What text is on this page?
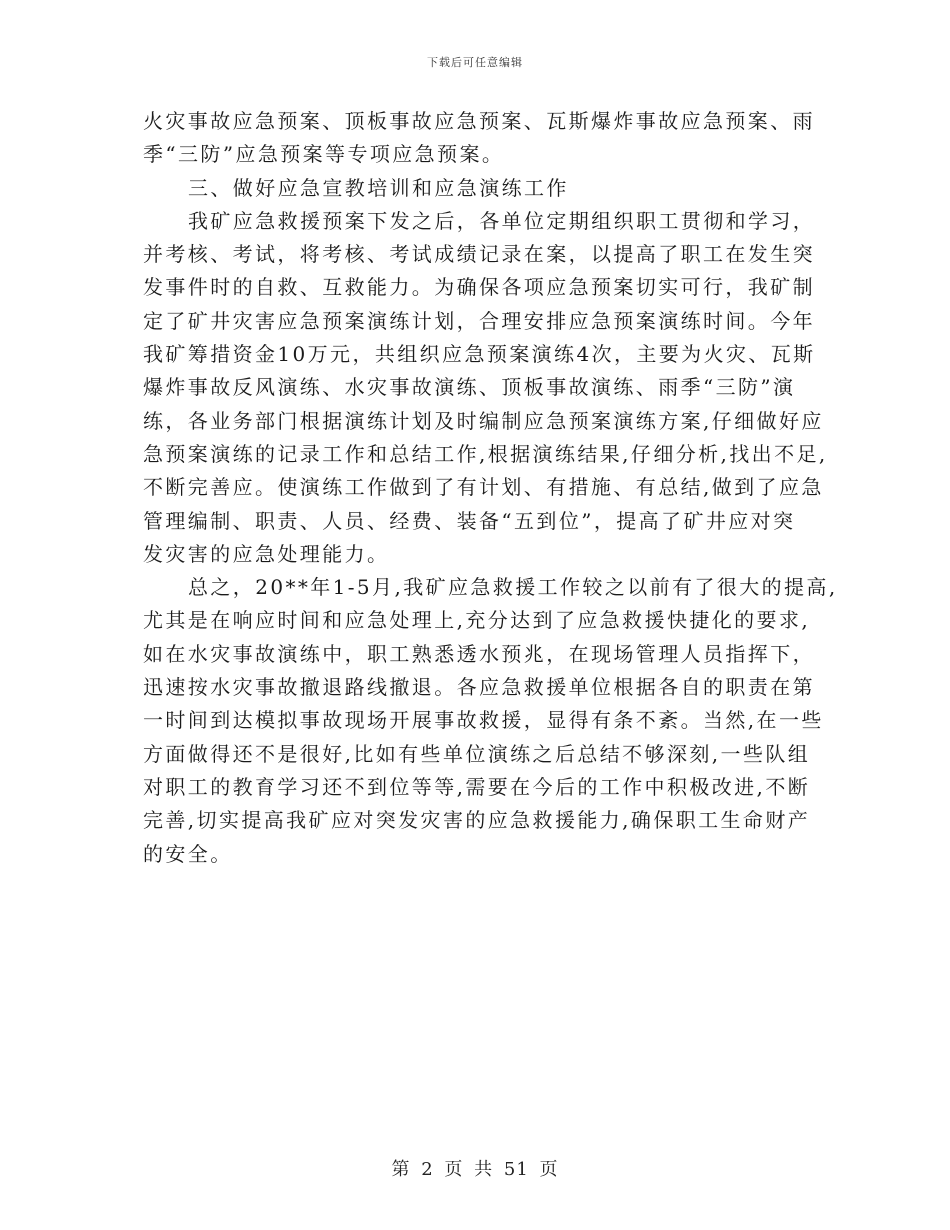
下载后可任意编辑
火灾事故应急预案、顶板事故应急预案、瓦斯爆炸事故应急预案、雨
季“三防”应急预案等专项应急预案。
三、做好应急宣教培训和应急演练工作
我矿应急救援预案下发之后，各单位定期组织职工贯彻和学习，
并考核、考试，将考核、考试成绩记录在案，以提高了职工在发生突
发事件时的自救、互救能力。为确保各项应急预案切实可行，我矿制
定了矿井灾害应急预案演练计划，合理安排应急预案演练时间。今年
我矿筹措资金10万元，共组织应急预案演练4次，主要为火灾、瓦斯
爆炸事故反风演练、水灾事故演练、顶板事故演练、雨季“三防”演
练，各业务部门根据演练计划及时编制应急预案演练方案,仔细做好应
急预案演练的记录工作和总结工作,根据演练结果,仔细分析,找出不足,
不断完善应。使演练工作做到了有计划、有措施、有总结,做到了应急
管理编制、职责、人员、经费、装备“五到位”，提高了矿井应对突
发灾害的应急处理能力。
总之，20**年1-5月,我矿应急救援工作较之以前有了很大的提高,
尤其是在响应时间和应急处理上,充分达到了应急救援快捷化的要求,
如在水灾事故演练中，职工熟悉透水预兆，在现场管理人员指挥下，
迅速按水灾事故撤退路线撤退。各应急救援单位根据各自的职责在第
一时间到达模拟事故现场开展事故救援，显得有条不紊。当然,在一些
方面做得还不是很好,比如有些单位演练之后总结不够深刻,一些队组
对职工的教育学习还不到位等等,需要在今后的工作中积极改进,不断
完善,切实提高我矿应对突发灾害的应急救援能力,确保职工生命财产
的安全。
第 2 页 共 51 页
